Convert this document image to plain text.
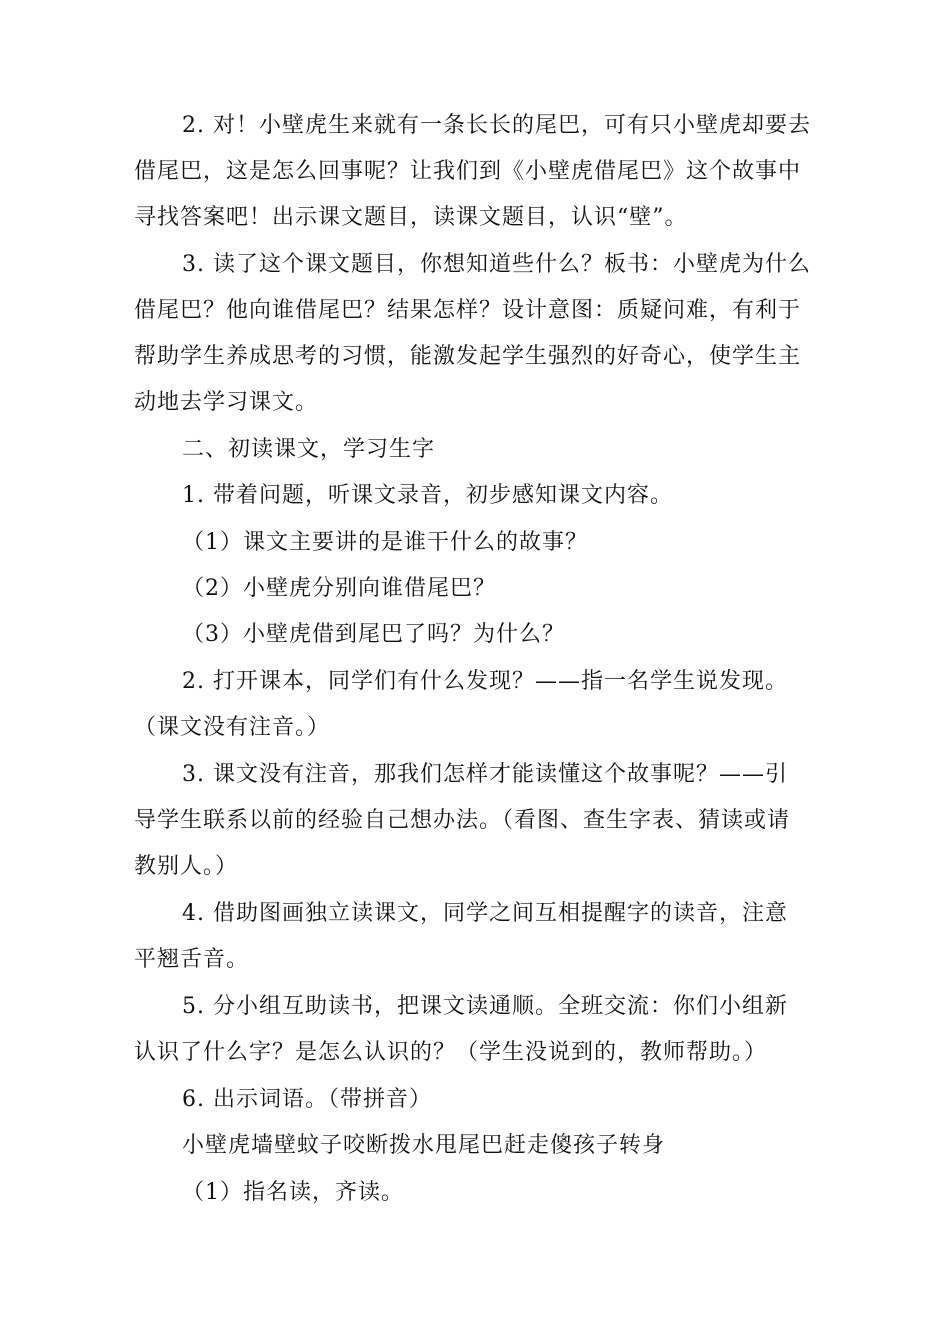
2. 对！小壁虎生来就有一条长长的尾巴，可有只小壁虎却要去
借尾巴，这是怎么回事呢？让我们到《小壁虎借尾巴》这个故事中
寻找答案吧！出示课文题目，读课文题目，认识“壁”。
3. 读了这个课文题目，你想知道些什么？板书：小壁虎为什么
借尾巴？他向谁借尾巴？结果怎样？设计意图：质疑问难，有利于
帮助学生养成思考的习惯，能激发起学生强烈的好奇心，使学生主
动地去学习课文。
二、初读课文，学习生字
1. 带着问题，听课文录音，初步感知课文内容。
（1）课文主要讲的是谁干什么的故事？
（2）小壁虎分别向谁借尾巴？
（3）小壁虎借到尾巴了吗？为什么？
2. 打开课本，同学们有什么发现？——指一名学生说发现。
（课文没有注音。）
3. 课文没有注音，那我们怎样才能读懂这个故事呢？——引
导学生联系以前的经验自己想办法。（看图、查生字表、猜读或请
教别人。）
4. 借助图画独立读课文，同学之间互相提醒字的读音，注意
平翘舌音。
5. 分小组互助读书，把课文读通顺。全班交流：你们小组新
认识了什么字？是怎么认识的？（学生没说到的，教师帮助。）
6. 出示词语。（带拼音）
小壁虎墙壁蚊子咬断拨水甩尾巴赶走傻孩子转身
（1）指名读，齐读。
